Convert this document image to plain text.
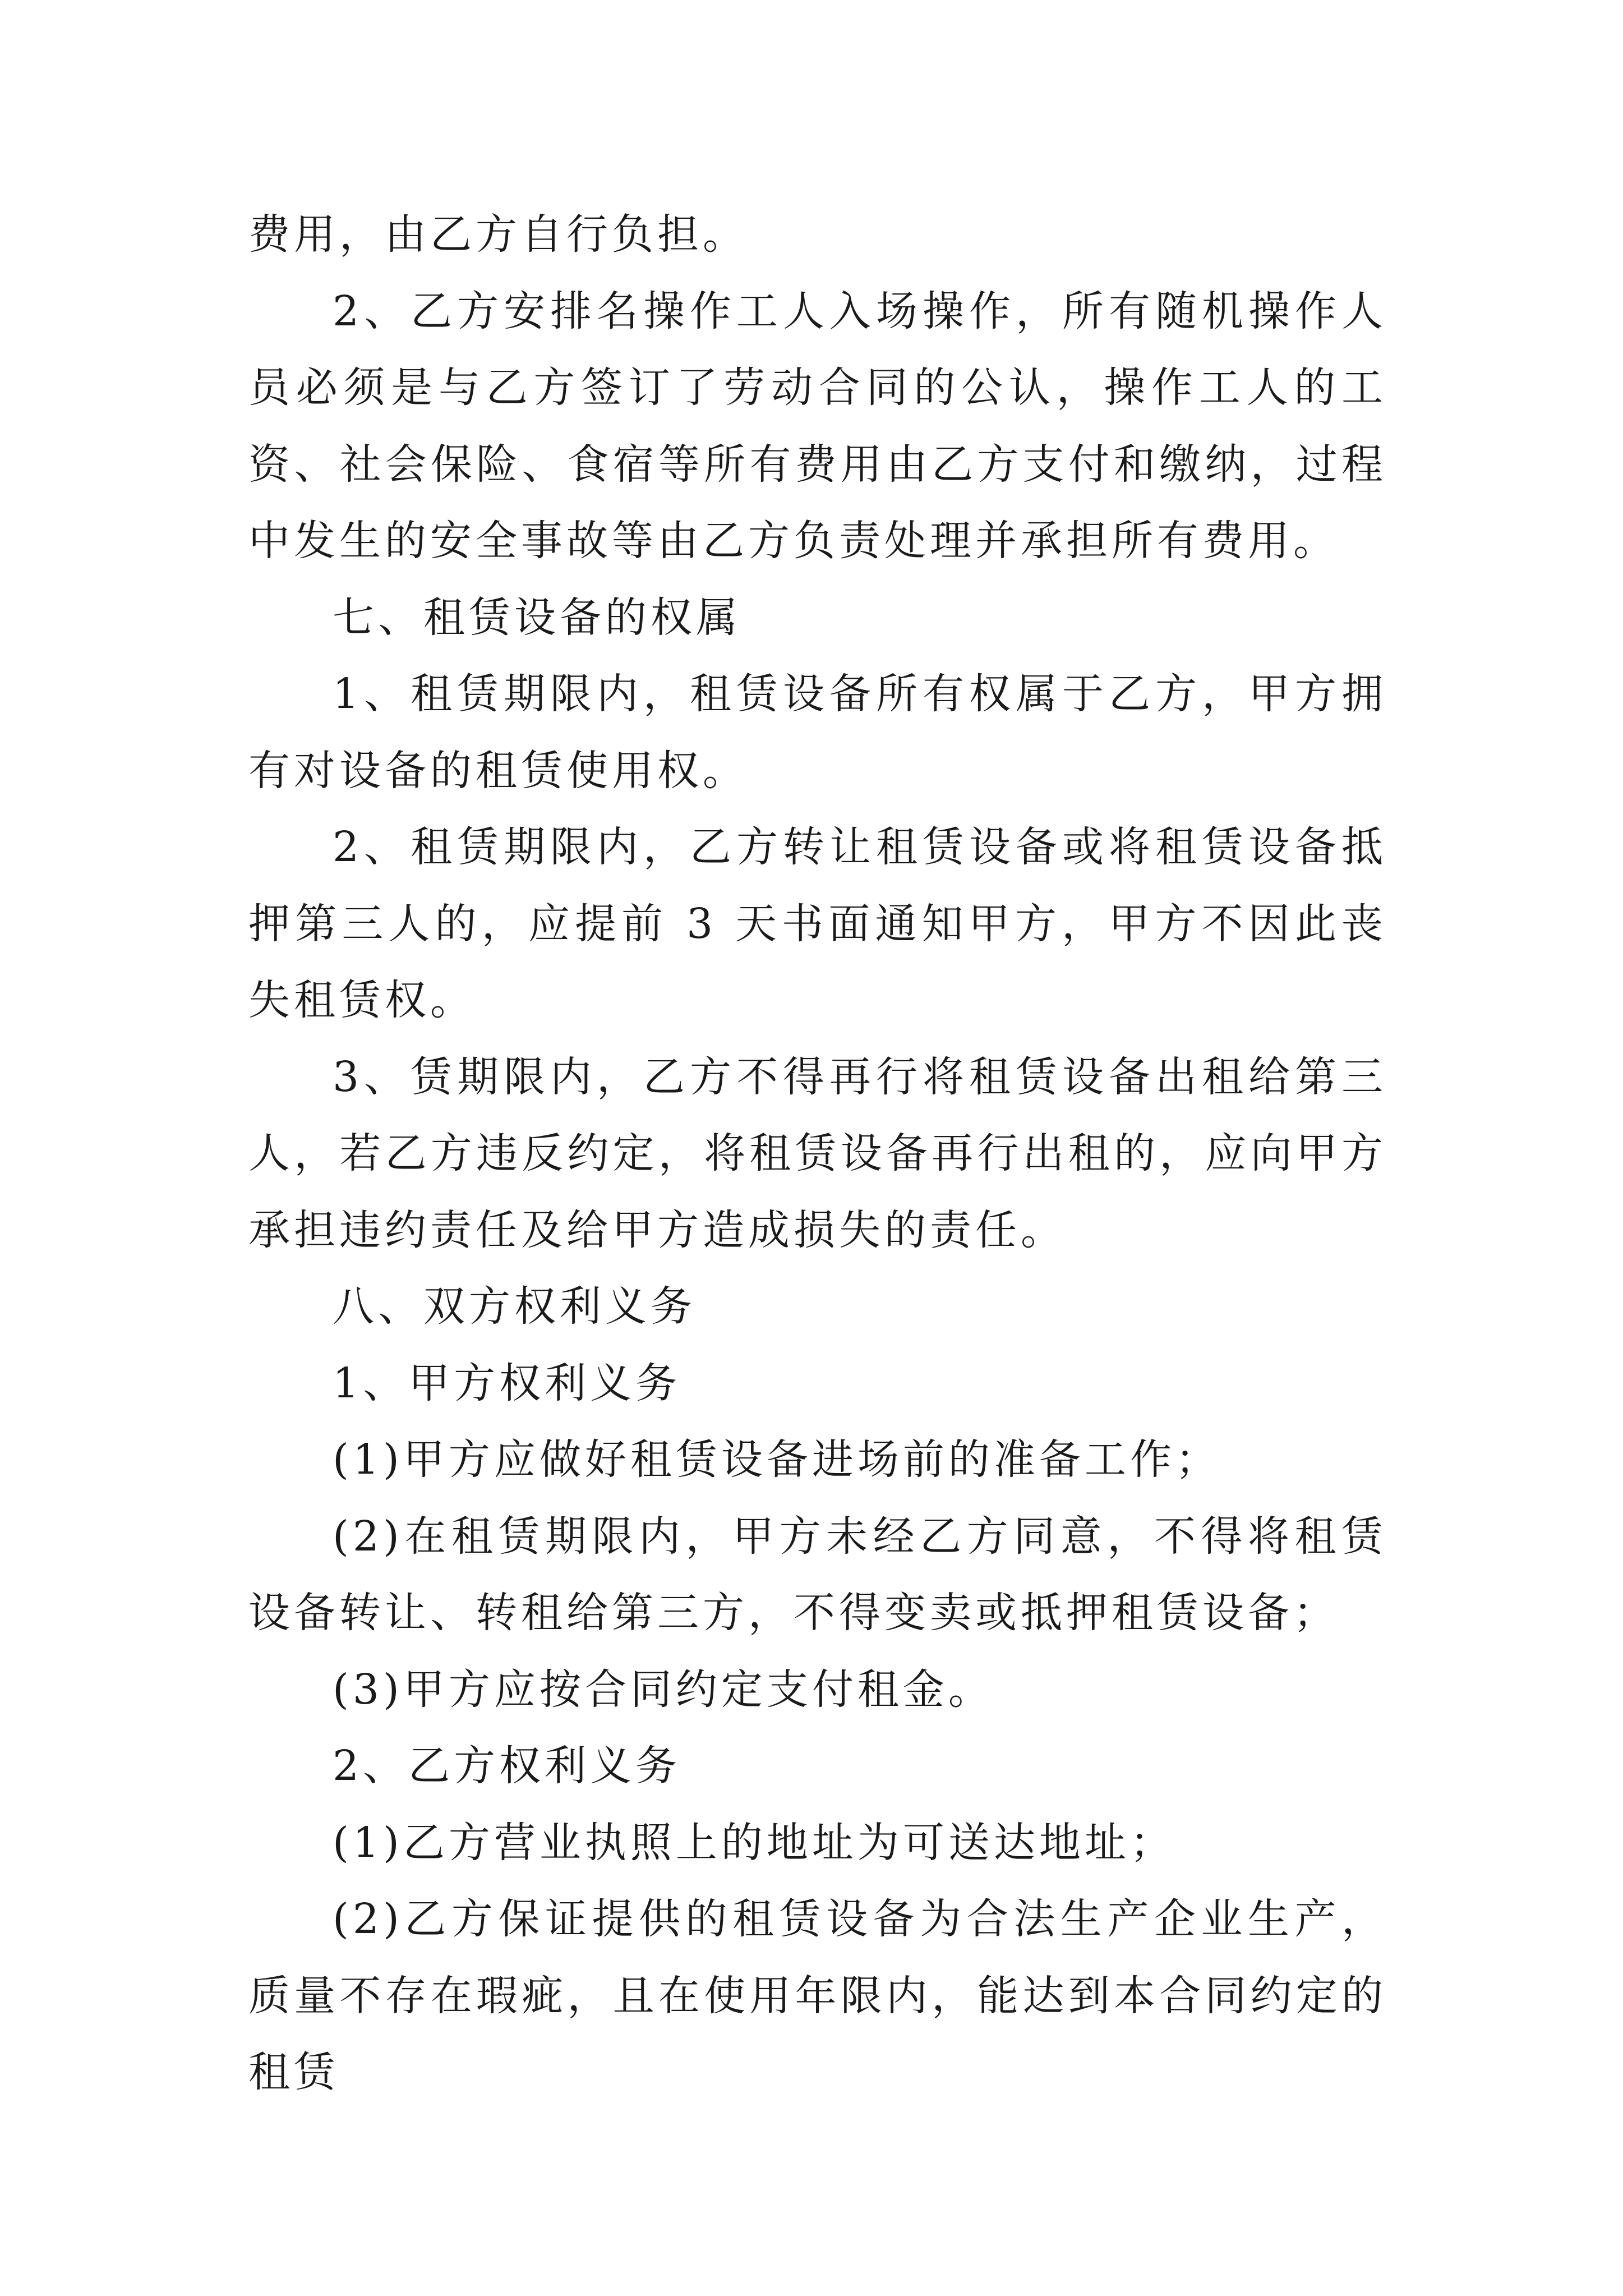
费用，由乙方自行负担。

2、乙方安排名操作工人入场操作，所有随机操作人员必须是与乙方签订了劳动合同的公认，操作工人的工资、社会保险、食宿等所有费用由乙方支付和缴纳，过程中发生的安全事故等由乙方负责处理并承担所有费用。

七、租赁设备的权属

1、租赁期限内，租赁设备所有权属于乙方，甲方拥有对设备的租赁使用权。

2、租赁期限内，乙方转让租赁设备或将租赁设备抵押第三人的，应提前 3 天书面通知甲方，甲方不因此丧失租赁权。

3、赁期限内，乙方不得再行将租赁设备出租给第三人，若乙方违反约定，将租赁设备再行出租的，应向甲方承担违约责任及给甲方造成损失的责任。

八、双方权利义务

1、甲方权利义务

(1)甲方应做好租赁设备进场前的准备工作；

(2)在租赁期限内，甲方未经乙方同意，不得将租赁设备转让、转租给第三方，不得变卖或抵押租赁设备；

(3)甲方应按合同约定支付租金。

2、乙方权利义务

(1)乙方营业执照上的地址为可送达地址；

(2)乙方保证提供的租赁设备为合法生产企业生产，质量不存在瑕疵，且在使用年限内，能达到本合同约定的租赁
